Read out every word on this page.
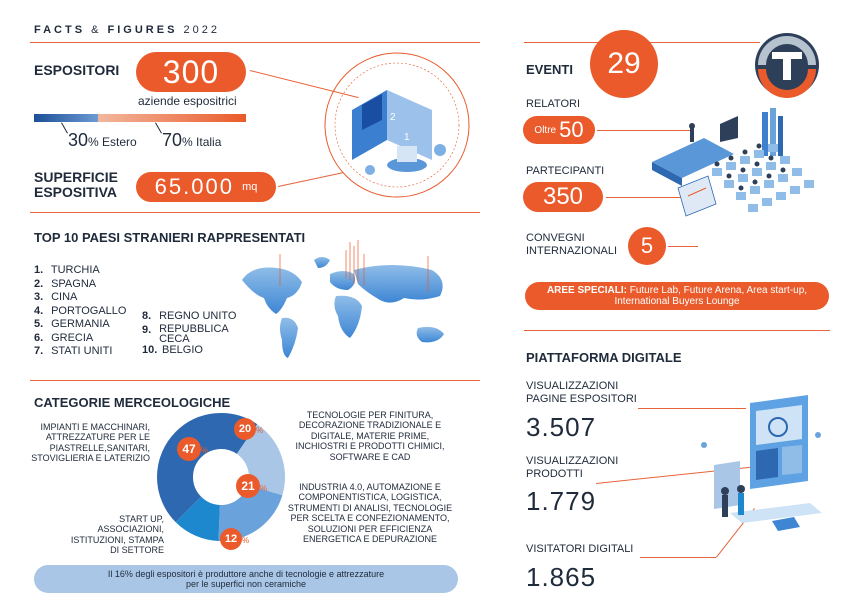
FACTS & FIGURES 2022
ESPOSITORI 300
aziende espositrici
30% Estero 70% Italia
SUPERFICIE
ESPOSITIVA 65.000
mq
3
2
1
TOP 10 PAESI STRANIERI RAPPRESENTATI
1. TURCHIA
2. SPAGNA
3. CINA
4. PORTOGALLO
5. GERMANIA
6. GRECIA
7. STATI UNITI
8. REGNO UNITO
9.
REPUBBLICA CECA
10. BELGIO
CATEGORIE MERCEOLOGICHE
IMPIANTI E MACCHINARI, ATTREZZATURE PER LE PIASTRELLE,SANITARI, STOVIGLIERIA E LATERIZIO
TECNOLOGIE PER FINITURA, DECORAZIONE TRADIZIONALE E DIGITALE, MATERIE PRIME, INCHIOSTRI E PRODOTTI CHIMICI, SOFTWARE E CAD
INDUSTRIA 4.0, AUTOMAZIONE E COMPONENTISTICA, LOGISTICA, STRUMENTI DI ANALISI, TECNOLOGIE PER SCELTA E CONFEZIONAMENTO, SOLUZIONI PER EFFICIENZA ENERGETICA E DEPURAZIONE
START UP, ASSOCIAZIONI, ISTITUZIONI, STAMPA DI SETTORE
47 %
20 %
21 %
12 %
Il 16% degli espositori è produttore anche di tecnologie e attrezzature per le superfici non ceramiche
EVENTI 29
RELATORI
Oltre 50
PARTECIPANTI
350
CONVEGNI
INTERNAZIONALI 5
AREE SPECIALI: Future Lab, Future Arena, Area start-up, International Buyers Lounge
PIATTAFORMA DIGITALE
VISUALIZZAZIONI
PAGINE ESPOSITORI
3.507
VISUALIZZAZIONI
PRODOTTI
1.779
VISITATORI DIGITALI
1.865
